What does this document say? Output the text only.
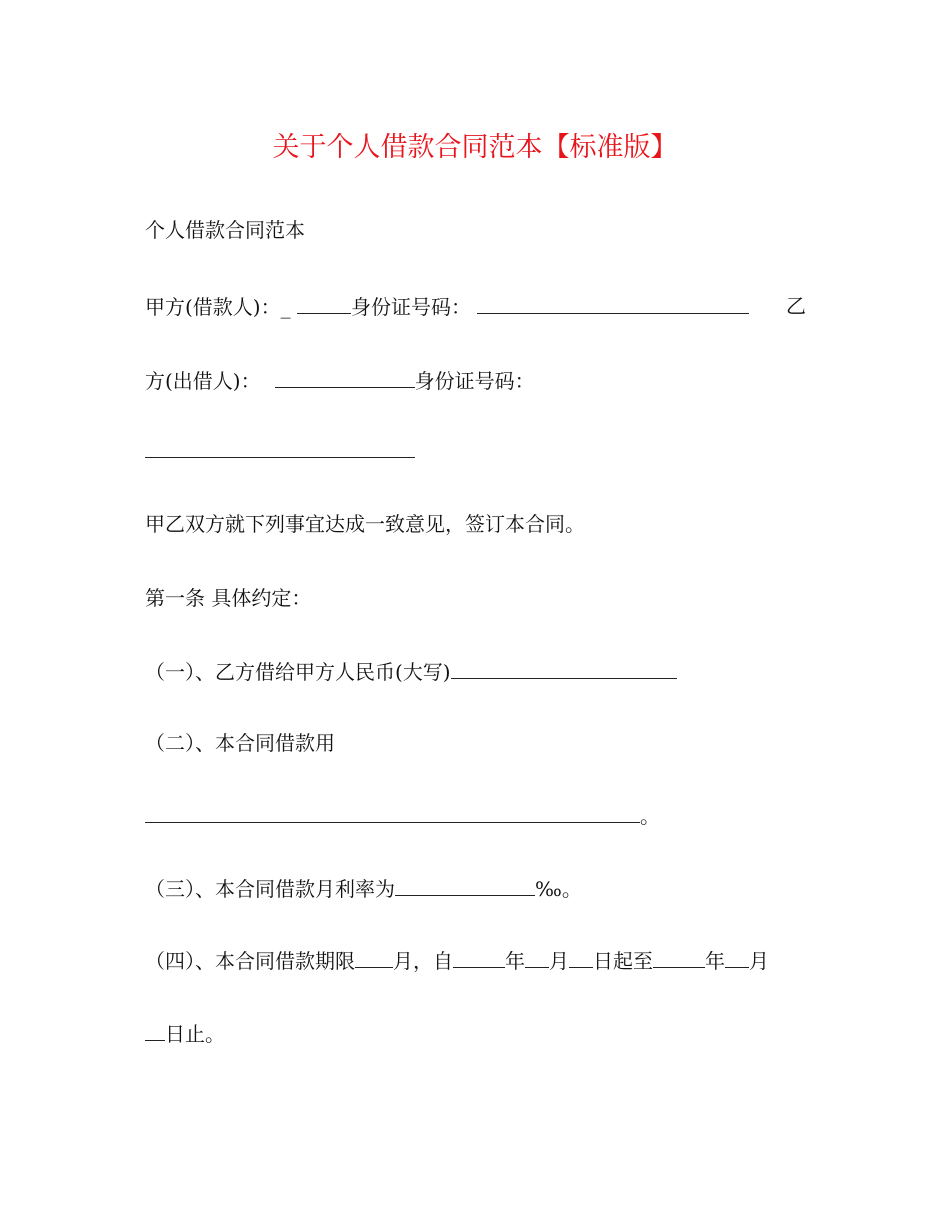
关于个人借款合同范本【标准版】
个人借款合同范本
甲方(借款人)：_	身份证号码：	乙
方(出借人)：	身份证号码：
甲乙双方就下列事宜达成一致意见，签订本合同。
第一条 具体约定：
（一）、乙方借给甲方人民币(大写)
（二）、本合同借款用
。
（三）、本合同借款月利率为	‰。
（四）、本合同借款期限 月，自	年 月 日起至	年 月
日止。
